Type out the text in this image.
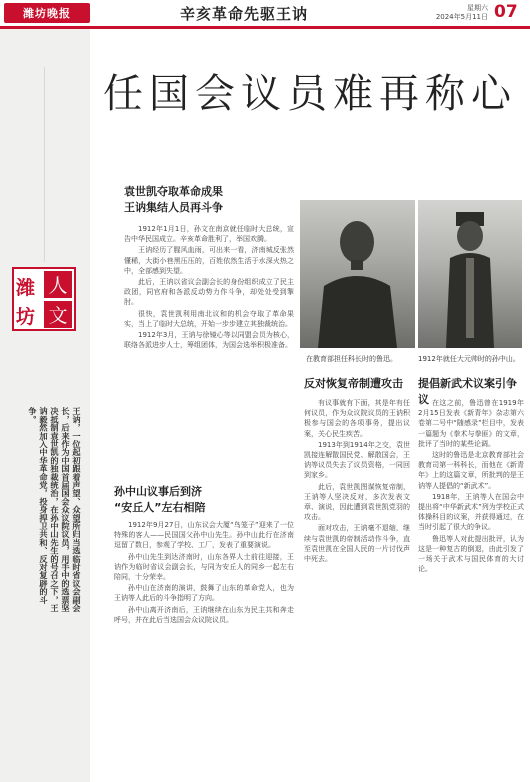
潍坊晚报	辛亥革命先驱王讷	星期六
2024年5月11日 07
潍
坊
人
文
王讷，一位起初跟着声望、众望所归当选临时省议会副会长，后来作为中国首届国会众议院议员，用手中的选票坚决抵制袁世凯的独裁统治，在孙中山先生的号召之下，王讷毅然加入中华革命党，投身捍卫共和、反对复辟的斗争。
任国会议员难再称心
袁世凯夺取革命成果
王讷集结人员再斗争

1912年1月1日，孙文在南京就任临时大总统，宣告中华民国成立。辛亥革命胜利了，举国欢腾。

王讷经历了腥风血雨，可出来一看，济南城反张然懂稀，大街小巷黑压压的，百姓依然生活于水深火热之中，全部感到失望。

此后，王讷以省议会副会长的身份组织成立了民主政团，同官府和各派反动势力作斗争，却处处受到掣肘。

很快，袁世凯利用南北议和的机会夺取了革命果实，当上了临时大总统，开始一步步建立其独裁统治。

1912年3月，王讷与徐镜心等以同盟会员为核心，联络各派进步人士，筹组团体，为国会选举积极准备。

孙中山议事后到济
“安丘人”左右相陪

1912年9月27日，山东议会大厦“鸟笼子”迎来了一位特殊的客人——民国国父孙中山先生。孙中山此行在济南逗留了数日，参观了学校、工厂，发表了重要演说。

孙中山先生到达济南时，山东各界人士前往迎接，王讷作为临时省议会副会长，与同为安丘人的同乡一起左右陪同，十分荣幸。

孙中山在济南的演讲，鼓舞了山东的革命党人，也为王讷等人此后的斗争指明了方向。

孙中山离开济南后，王讷继续在山东为民主共和奔走呼号，并在此后当选国会众议院议员。

在教育部担任科长时的鲁迅。	1912年就任大元帅时的孙中山。
反对恢复帝制遭攻击

有议事就有下面，其是年有任何议员，作为众议院议员的王讷积极参与国会的各项事务，提出议案，关心民生疾苦。

1913年到1914年之交，袁世凯接连解散国民党、解散国会，王讷等议员失去了议员资格，一同回到家乡。

此后，袁世凯图谋恢复帝制，王讷等人坚决反对，多次发表文章、演说，因此遭到袁世凯党羽的攻击。

面对攻击，王讷毫不退缩，继续与袁世凯的帝制活动作斗争，直至袁世凯在全国人民的一片讨伐声中死去。

提倡新武术议案引争议 在这之前，鲁迅曾在1919年2月15日发表《新青年》杂志第六卷第二号中“随感录”栏目中，发表一篇题为《拳术与拳匪》的文章，批评了当时的某些论调。

这时的鲁迅是北京教育部社会教育司第一科科长，而他在《新青年》上的这篇文章，所批判的是王讷等人提倡的“新武术”。

1918年，王讷等人在国会中提出将“中华新武术”列为学校正式体操科目的议案，并获得通过，在当时引起了很大的争议。

鲁迅等人对此提出批评，认为这是一种复古的倒退，由此引发了一场关于武术与国民体育的大讨论。
